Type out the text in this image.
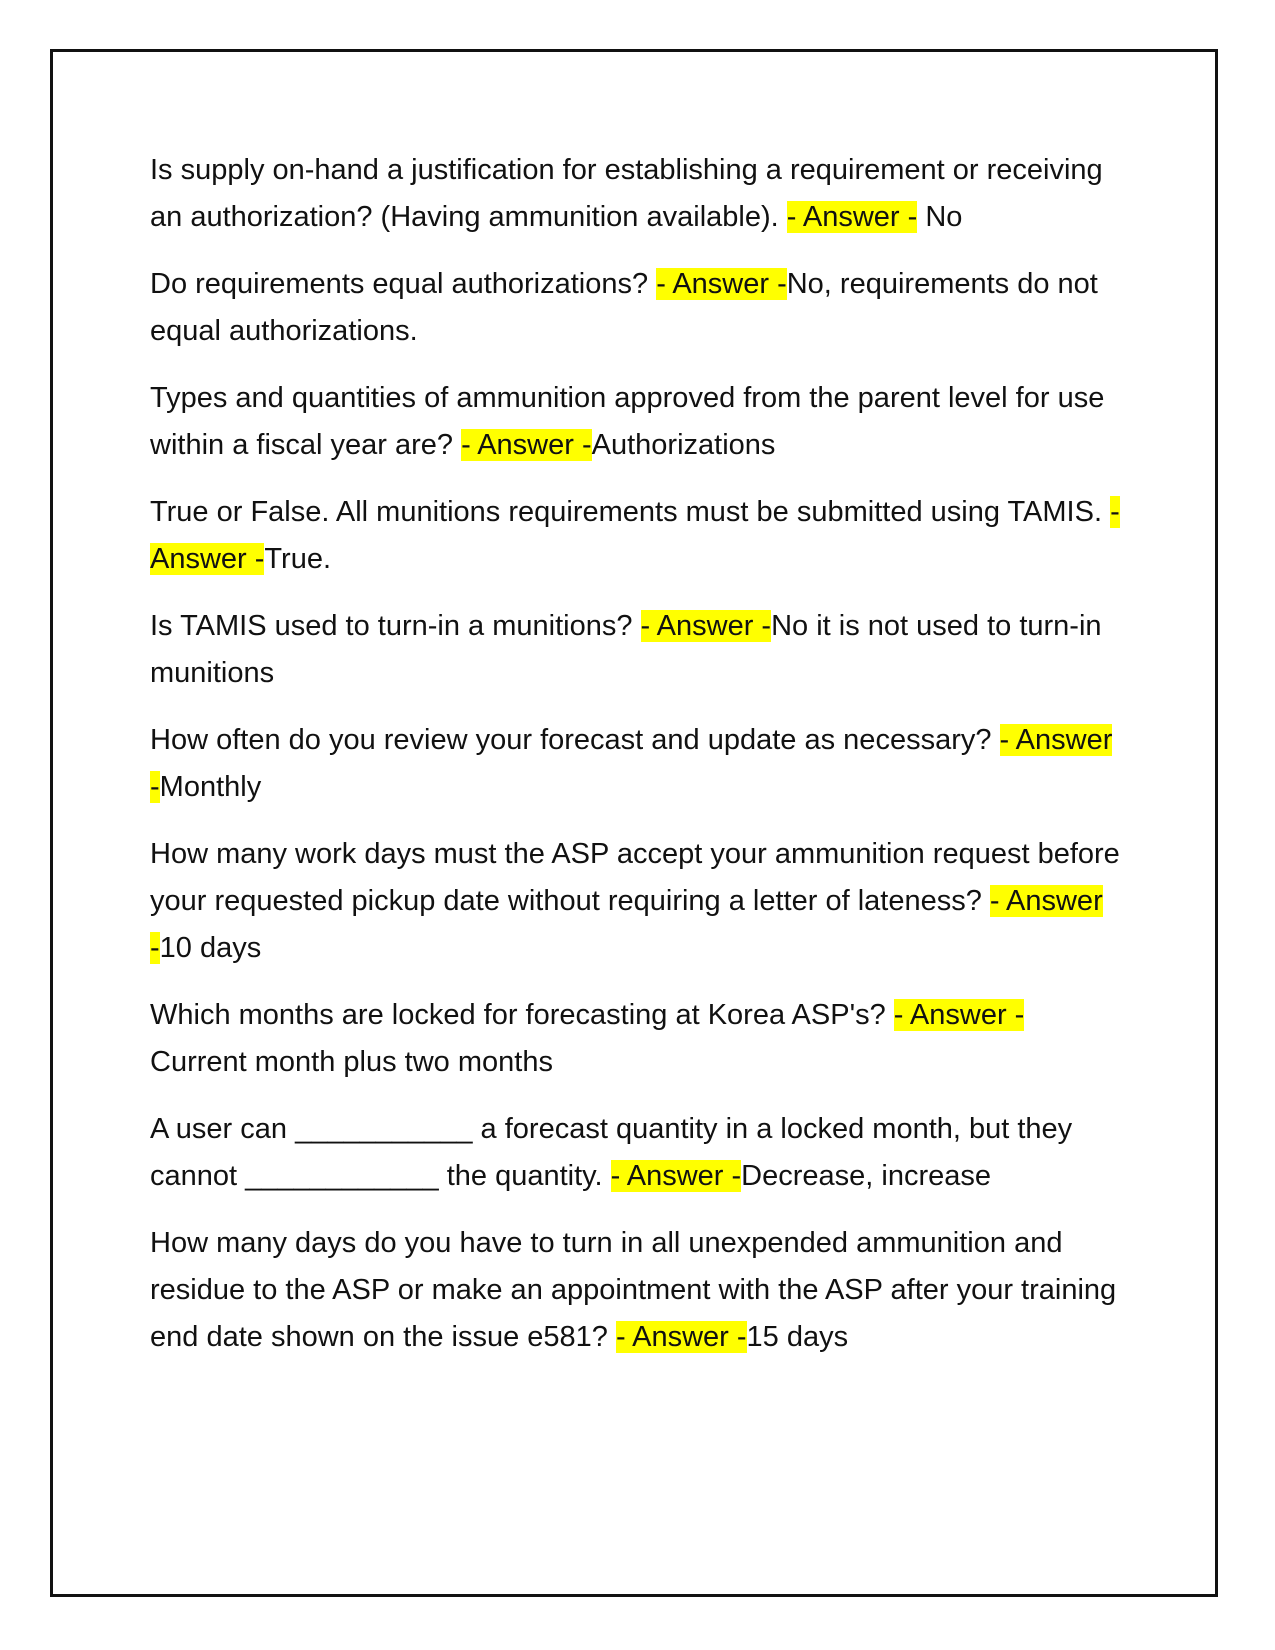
Is supply on-hand a justification for establishing a requirement or receiving an authorization? (Having ammunition available). - Answer - No

Do requirements equal authorizations? - Answer -No, requirements do not equal authorizations.

Types and quantities of ammunition approved from the parent level for use within a fiscal year are? - Answer -Authorizations

True or False. All munitions requirements must be submitted using TAMIS. - Answer -True.

Is TAMIS used to turn-in a munitions? - Answer -No it is not used to turn-in munitions

How often do you review your forecast and update as necessary? - Answer -Monthly

How many work days must the ASP accept your ammunition request before your requested pickup date without requiring a letter of lateness? - Answer -10 days

Which months are locked for forecasting at Korea ASP's? - Answer - Current month plus two months

A user can ___________ a forecast quantity in a locked month, but they cannot ____________ the quantity. - Answer -Decrease, increase

How many days do you have to turn in all unexpended ammunition and residue to the ASP or make an appointment with the ASP after your training end date shown on the issue e581? - Answer -15 days
